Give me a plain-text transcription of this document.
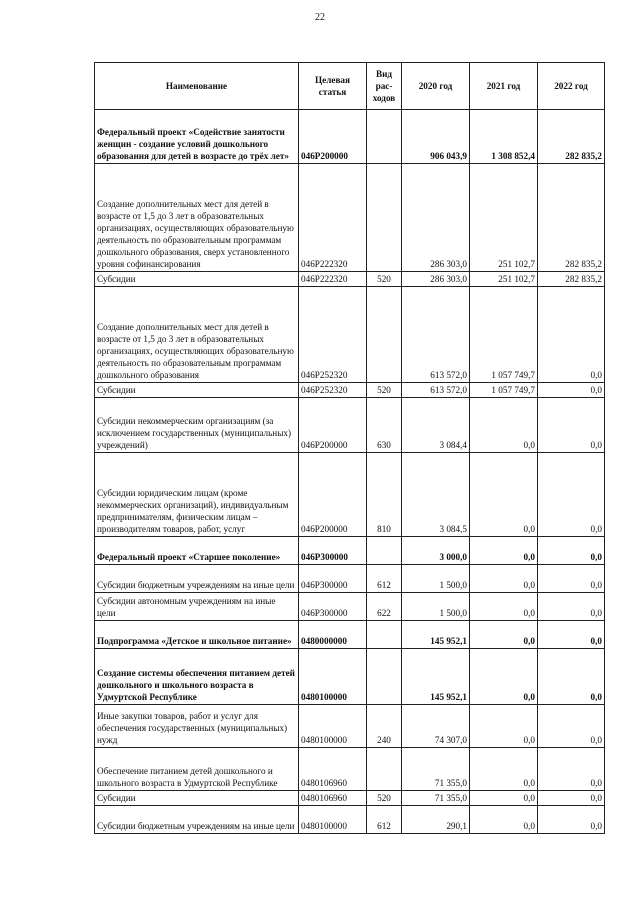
22
Наименование	Целевая статья	Вид рас-ходов	2020 год	2021 год	2022 год
Федеральный проект «Содействие занятости женщин - создание условий дошкольного образования для детей в возрасте до трёх лет»	046P200000		906 043,9	1 308 852,4	282 835,2
Создание дополнительных мест для детей в возрасте от 1,5 до 3 лет в образовательных организациях, осуществляющих образовательную деятельность по образовательным программам дошкольного образования, сверх установленного уровня софинансирования	046P222320		286 303,0	251 102,7	282 835,2
Субсидии	046P222320	520	286 303,0	251 102,7	282 835,2
Создание дополнительных мест для детей в возрасте от 1,5 до 3 лет в образовательных организациях, осуществляющих образовательную деятельность по образовательным программам дошкольного образования	046P252320		613 572,0	1 057 749,7	0,0
Субсидии	046P252320	520	613 572,0	1 057 749,7	0,0
Субсидии некоммерческим организациям (за исключением государственных (муниципальных) учреждений)	046P200000	630	3 084,4	0,0	0,0
Субсидии юридическим лицам (кроме некоммерческих организаций), индивидуальным предпринимателям, физическим лицам – производителям товаров, работ, услуг	046P200000	810	3 084,5	0,0	0,0
Федеральный проект «Старшее поколение»	046P300000		3 000,0	0,0	0,0
Субсидии бюджетным учреждениям на иные цели	046P300000	612	1 500,0	0,0	0,0
Субсидии автономным учреждениям на иные цели	046P300000	622	1 500,0	0,0	0,0
Подпрограмма «Детское и школьное питание»	0480000000		145 952,1	0,0	0,0
Создание системы обеспечения питанием детей дошкольного и школьного возраста в Удмуртской Республике	0480100000		145 952,1	0,0	0,0
Иные закупки товаров, работ и услуг для обеспечения государственных (муниципальных) нужд	0480100000	240	74 307,0	0,0	0,0
Обеспечение питанием детей дошкольного и школьного возраста в Удмуртской Республике	0480106960		71 355,0	0,0	0,0
Субсидии	0480106960	520	71 355,0	0,0	0,0
Субсидии бюджетным учреждениям на иные цели	0480100000	612	290,1	0,0	0,0
